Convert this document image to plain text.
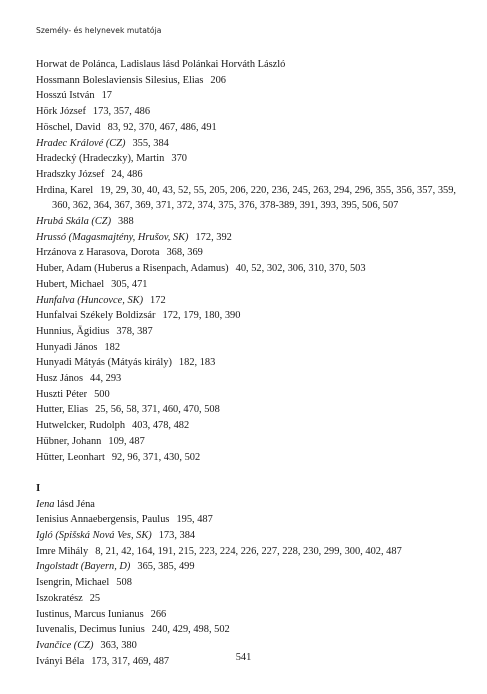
Személy- és helynevek mutatója
Horwat de Polánca, Ladislaus lásd Polánkai Horváth László
Hossmann Boleslaviensis Silesius, Elias 206
Hosszú István 17
Hörk József 173, 357, 486
Höschel, David 83, 92, 370, 467, 486, 491
Hradec Králové (CZ) 355, 384
Hradecký (Hradeczky), Martin 370
Hradszky József 24, 486
Hrdina, Karel 19, 29, 30, 40, 43, 52, 55, 205, 206, 220, 236, 245, 263, 294, 296, 355, 356, 357, 359, 360, 362, 364, 367, 369, 371, 372, 374, 375, 376, 378-389, 391, 393, 395, 506, 507
Hrubá Skála (CZ) 388
Hrussó (Magasmajtény, Hrušov, SK) 172, 392
Hrzánova z Harasova, Dorota 368, 369
Huber, Adam (Huberus a Risenpach, Adamus) 40, 52, 302, 306, 310, 370, 503
Hubert, Michael 305, 471
Hunfalva (Huncovce, SK) 172
Hunfalvai Székely Boldizsár 172, 179, 180, 390
Hunnius, Ägidius 378, 387
Hunyadi János 182
Hunyadi Mátyás (Mátyás király) 182, 183
Husz János 44, 293
Huszti Péter 500
Hutter, Elias 25, 56, 58, 371, 460, 470, 508
Hutwelcker, Rudolph 403, 478, 482
Hübner, Johann 109, 487
Hütter, Leonhart 92, 96, 371, 430, 502
I
Iena lásd Jéna
Ienisius Annaebergensis, Paulus 195, 487
Igló (Spišská Nová Ves, SK) 173, 384
Imre Mihály 8, 21, 42, 164, 191, 215, 223, 224, 226, 227, 228, 230, 299, 300, 402, 487
Ingolstadt (Bayern, D) 365, 385, 499
Isengrin, Michael 508
Iszokratész 25
Iustinus, Marcus Iunianus 266
Iuvenalis, Decimus Iunius 240, 429, 498, 502
Ivančice (CZ) 363, 380
Iványi Béla 173, 317, 469, 487	541
